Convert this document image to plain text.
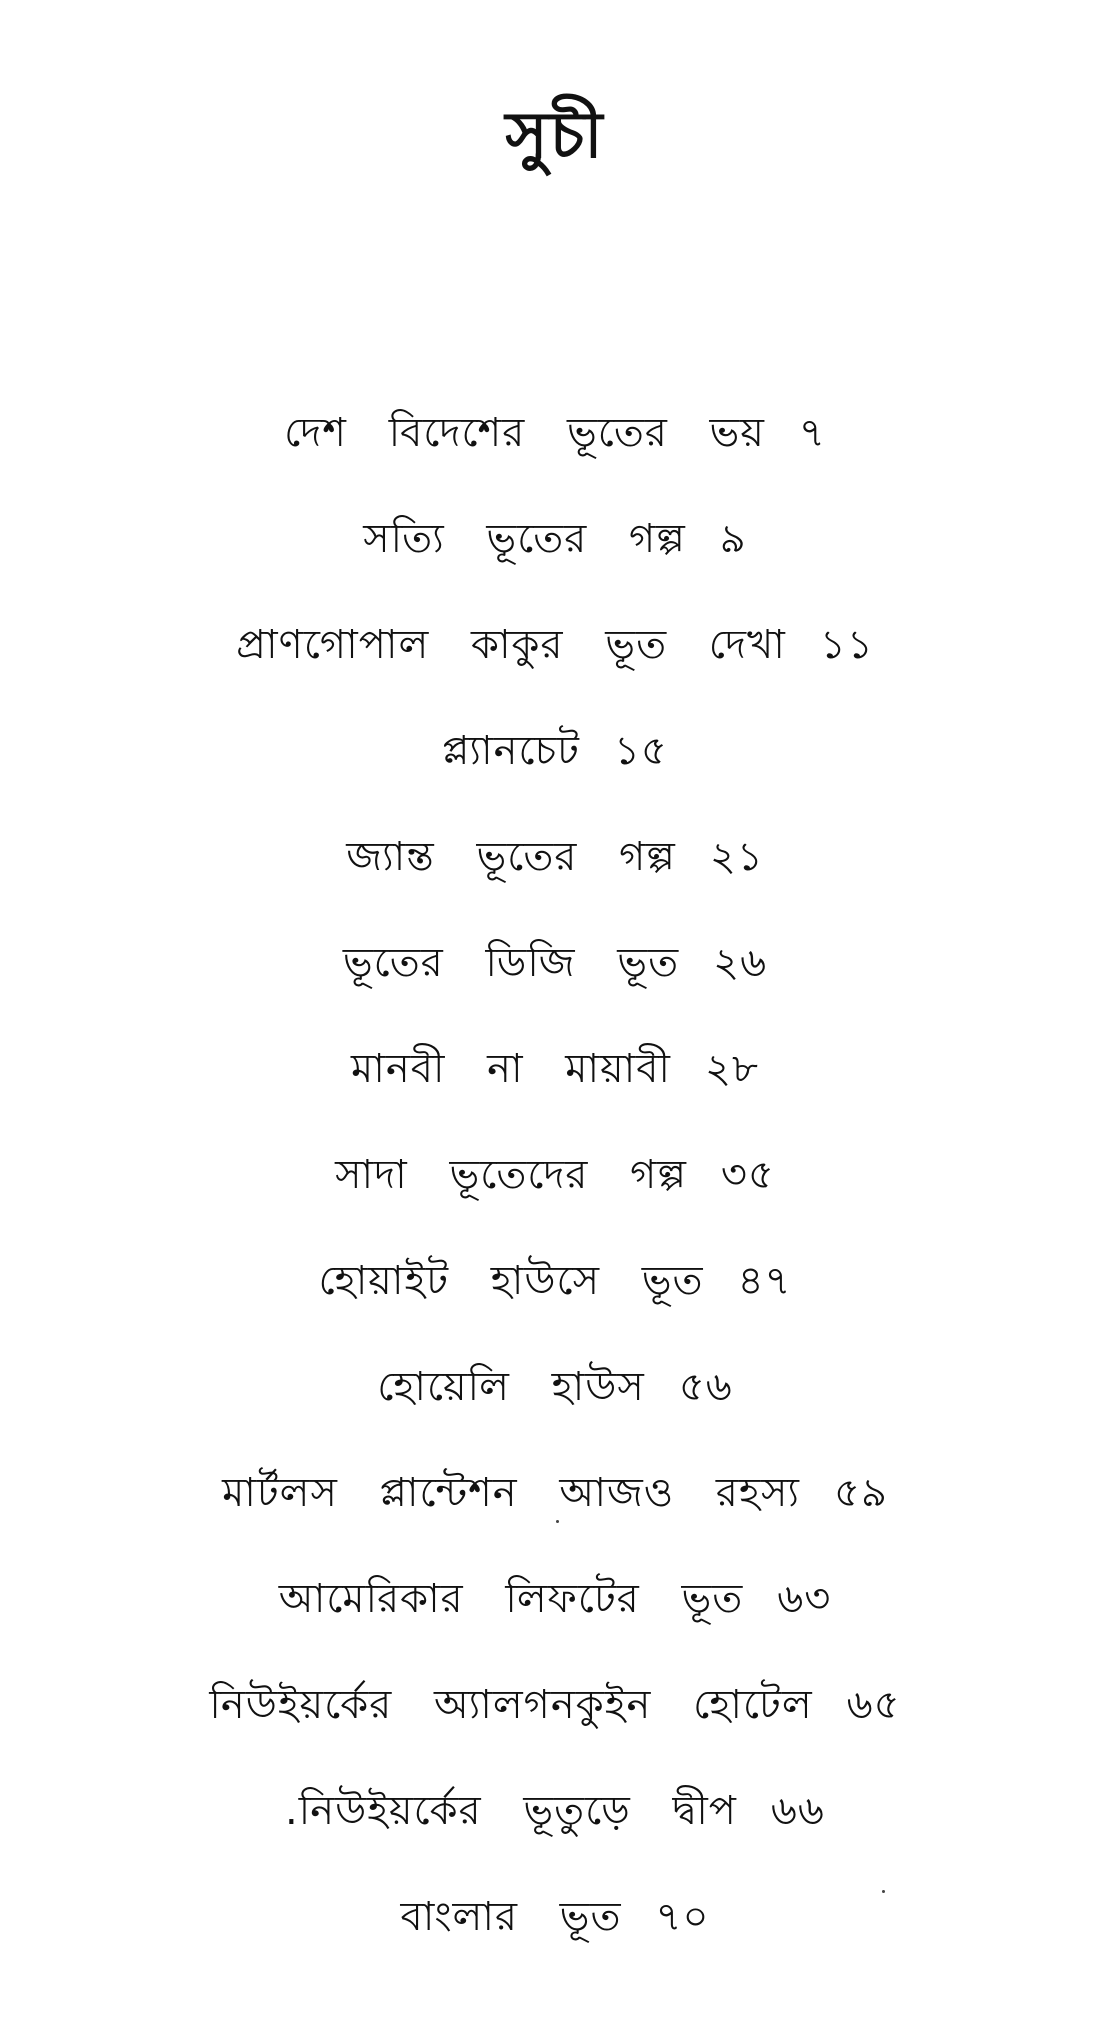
সুচী
দেশ বিদেশের ভূতের ভয় ৭
সত্যি ভূতের গল্প ৯
প্রাণগোপাল কাকুর ভূত দেখা ১১
প্ল্যানচেট ১৫
জ্যান্ত ভূতের গল্প ২১
ভূতের ডিজি ভূত ২৬
মানবী না মায়াবী ২৮
সাদা ভূতেদের গল্প ৩৫
হোয়াইট হাউসে ভূত ৪৭
হোয়েলি হাউস ৫৬
মার্টলস প্লান্টেশন আজও রহস্য ৫৯
আমেরিকার লিফটের ভূত ৬৩
নিউইয়র্কের অ্যালগনকুইন হোটেল ৬৫
.নিউইয়র্কের ভূতুড়ে দ্বীপ ৬৬
বাংলার ভূত ৭০
